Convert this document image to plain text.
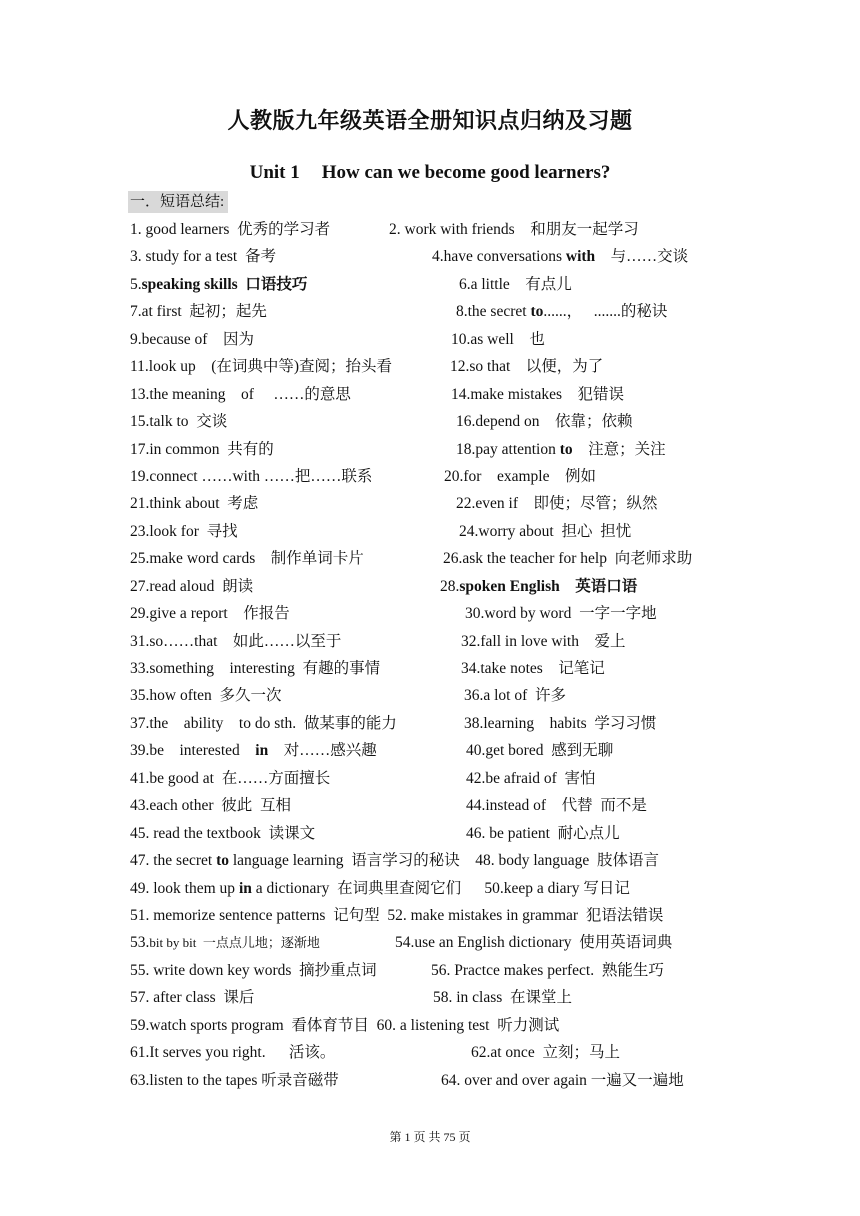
人教版九年级英语全册知识点归纳及习题
Unit 1 How can we become good learners?
一．短语总结:
1. good learners  优秀的学习者	2. work with friends    和朋友一起学习
3. study for a test  备考	4.have conversations with    与……交谈
5.speaking skills  口语技巧	6.a little    有点儿
7.at first  起初；起先	8.the secret to......，   .......的秘诀
9.because of    因为	10.as well    也
11.look up    (在词典中等)查阅；抬头看	12.so that    以便，为了
13.the meaning    of     ……的意思	14.make mistakes    犯错误
15.talk to  交谈	16.depend on    依靠；依赖
17.in common  共有的	18.pay attention to    注意；关注
19.connect ……with ……把……联系	20.for    example    例如
21.think about  考虑	22.even if    即使；尽管；纵然
23.look for  寻找	24.worry about  担心  担忧
25.make word cards    制作单词卡片	26.ask the teacher for help  向老师求助
27.read aloud  朗读	28.spoken English    英语口语
29.give a report    作报告	30.word by word  一字一字地
31.so……that    如此……以至于	32.fall in love with    爱上
33.something    interesting  有趣的事情	34.take notes    记笔记
35.how often  多久一次	36.a lot of  许多
37.the    ability    to do sth.  做某事的能力	38.learning    habits  学习习惯
39.be    interested    in    对……感兴趣	40.get bored  感到无聊
41.be good at  在……方面擅长	42.be afraid of  害怕
43.each other  彼此  互相	44.instead of    代替  而不是
45. read the textbook  读课文	46. be patient  耐心点儿
47. the secret to language learning  语言学习的秘诀    48. body language  肢体语言
49. look them up in a dictionary  在词典里查阅它们      50.keep a diary 写日记
51. memorize sentence patterns  记句型  52. make mistakes in grammar  犯语法错误
53.bit by bit  一点点儿地；逐渐地	54.use an English dictionary  使用英语词典
55. write down key words  摘抄重点词	56. Practce makes perfect.  熟能生巧
57. after class  课后	58. in class  在课堂上
59.watch sports program  看体育节目  60. a listening test  听力测试
61.It serves you right.      活该。	62.at once  立刻；马上
63.listen to the tapes 听录音磁带	64. over and over again 一遍又一遍地
第 1 页 共 75 页
